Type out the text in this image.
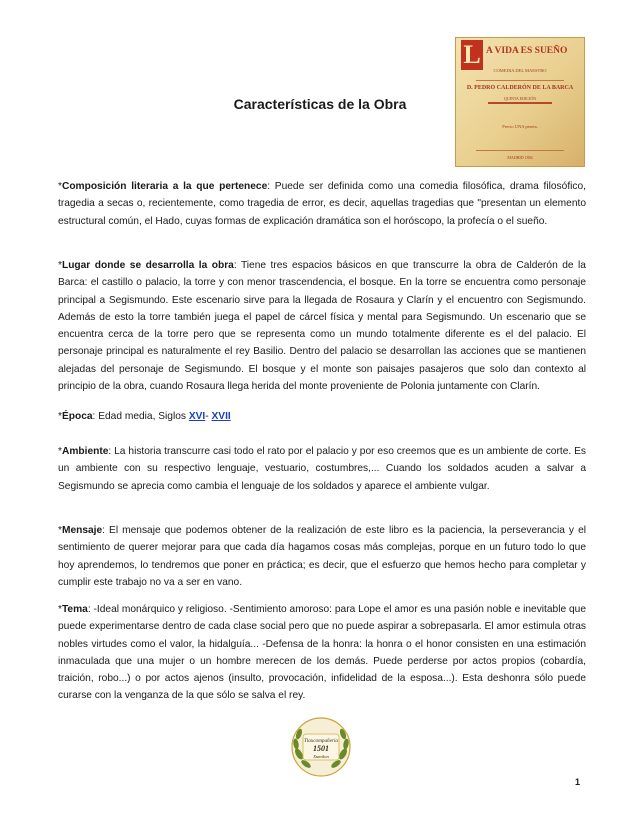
Características de la Obra
L A VIDA ES SUEÑO
COMEDIA DEL MAESTRO
D. PEDRO CALDERÓN DE LA BARCA
QUINTA EDICIÓN
Precio UNA peseta.
MADRID 1884

*Composición literaria a la que pertenece: Puede ser definida como una comedia filosófica, drama filosófico, tragedia a secas o, recientemente, como tragedia de error, es decir, aquellas tragedias que "presentan un elemento estructural común, el Hado, cuyas formas de explicación dramática son el horóscopo, la profecía o el sueño.

*Lugar donde se desarrolla la obra: Tiene tres espacios básicos en que transcurre la obra de Calderón de la Barca: el castillo o palacio, la torre y con menor trascendencia, el bosque. En la torre se encuentra como personaje principal a Segismundo. Este escenario sirve para la llegada de Rosaura y Clarín y el encuentro con Segismundo. Además de esto la torre también juega el papel de cárcel física y mental para Segismundo. Un escenario que se encuentra cerca de la torre pero que se representa como un mundo totalmente diferente es el del palacio. El personaje principal es naturalmente el rey Basilio. Dentro del palacio se desarrollan las acciones que se mantienen alejadas del personaje de Segismundo. El bosque y el monte son paisajes pasajeros que solo dan contexto al principio de la obra, cuando Rosaura llega herida del monte proveniente de Polonia juntamente con Clarín.

*Época: Edad media, Siglos XVI- XVII

*Ambiente: La historia transcurre casi todo el rato por el palacio y por eso creemos que es un ambiente de corte. Es un ambiente con su respectivo lenguaje, vestuario, costumbres,... Cuando los soldados acuden a salvar a Segismundo se aprecia como cambia el lenguaje de los soldados y aparece el ambiente vulgar.

*Mensaje: El mensaje que podemos obtener de la realización de este libro es la paciencia, la perseverancia y el sentimiento de querer mejorar para que cada día hagamos cosas más complejas, porque en un futuro todo lo que hoy aprendemos, lo tendremos que poner en práctica; es decir, que el esfuerzo que hemos hecho para completar y cumplir este trabajo no va a ser en vano.

*Tema: -Ideal monárquico y religioso. -Sentimiento amoroso: para Lope el amor es una pasión noble e inevitable que puede experimentarse dentro de cada clase social pero que no puede aspirar a sobrepasarla. El amor estimula otras nobles virtudes como el valor, la hidalguía... -Defensa de la honra: la honra o el honor consisten en una estimación inmaculada que una mujer o un hombre merecen de los demás. Puede perderse por actos propios (cobardía, traición, robo...) o por actos ajenos (insulto, provocación, infidelidad de la esposa...). Esta deshonra sólo puede curarse con la venganza de la que sólo se salva el rey.

Tlaxcompañeria
1501
Xumilon
1
